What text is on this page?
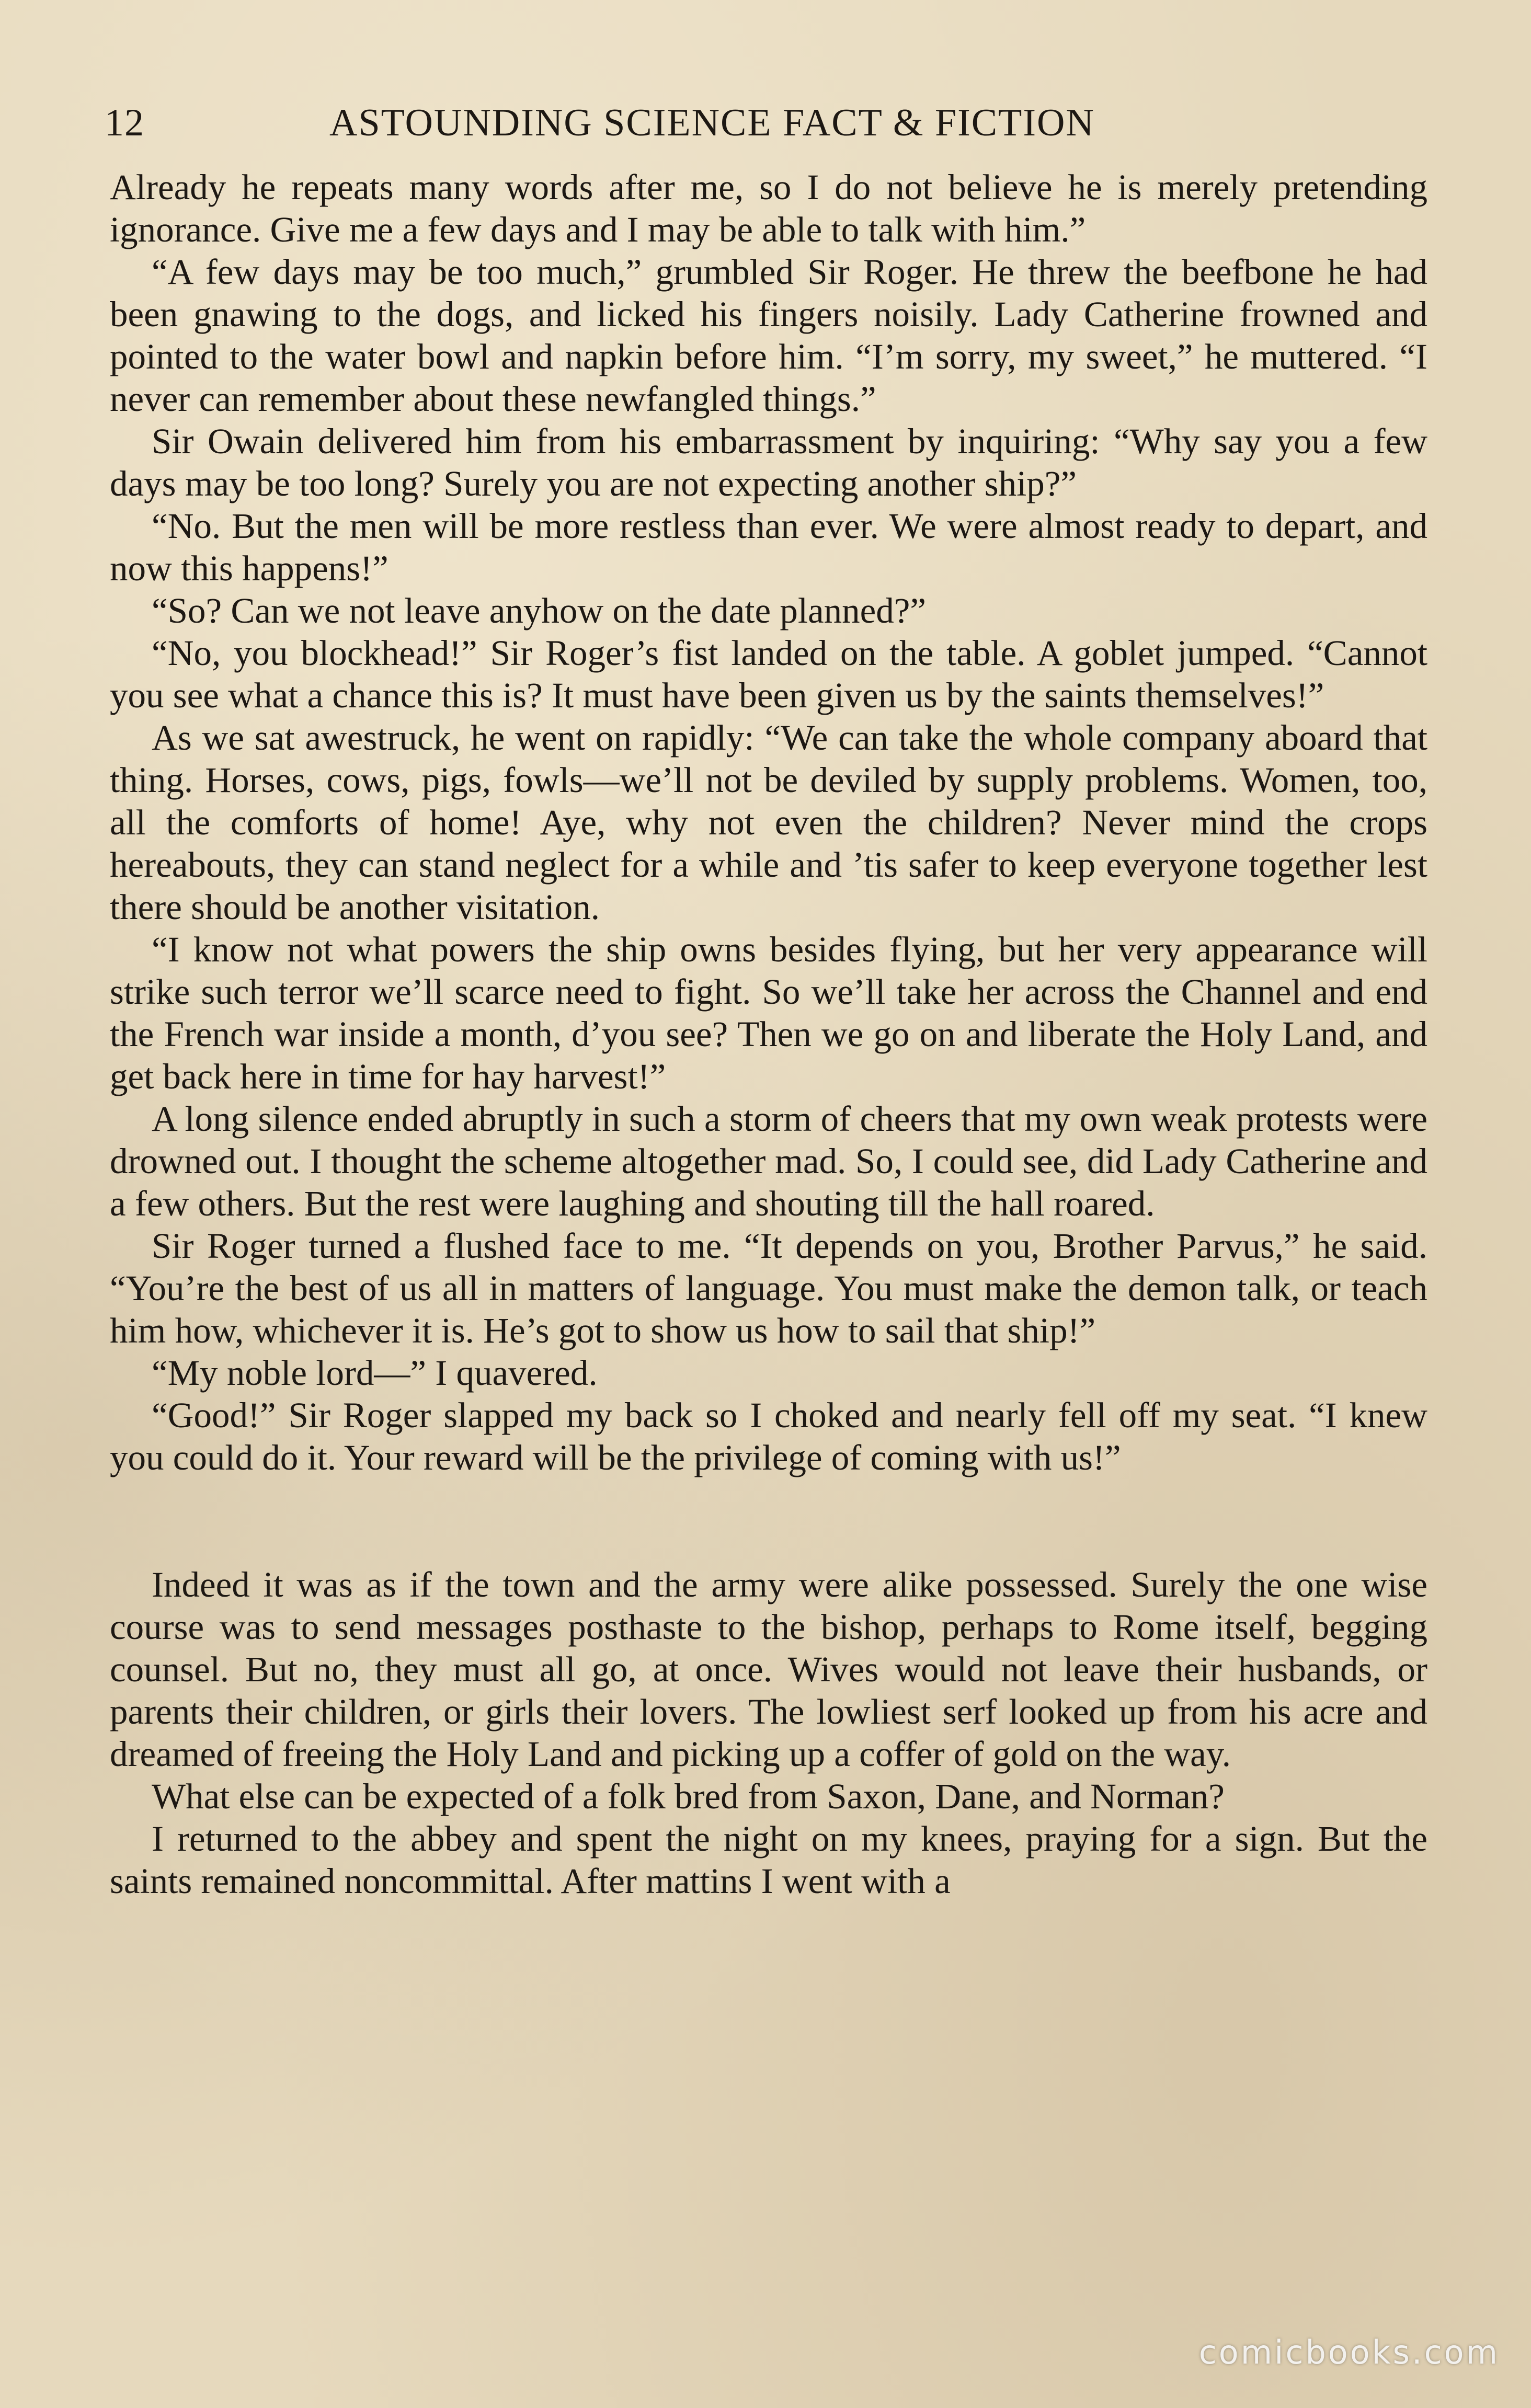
12	ASTOUNDING SCIENCE FACT & FICTION

Already he repeats many words after me, so I do not believe he is merely pretending ignorance. Give me a few days and I may be able to talk with him.”

“A few days may be too much,” grumbled Sir Roger. He threw the beefbone he had been gnawing to the dogs, and licked his fingers noisily. Lady Catherine frowned and pointed to the water bowl and napkin before him. “I’m sorry, my sweet,” he muttered. “I never can remember about these newfangled things.”

Sir Owain delivered him from his embarrassment by inquiring: “Why say you a few days may be too long? Surely you are not expecting another ship?”

“No. But the men will be more restless than ever. We were almost ready to depart, and now this happens!”

“So? Can we not leave anyhow on the date planned?”

“No, you blockhead!” Sir Roger’s fist landed on the table. A goblet jumped. “Cannot you see what a chance this is? It must have been given us by the saints themselves!”

As we sat awestruck, he went on rapidly: “We can take the whole company aboard that thing. Horses, cows, pigs, fowls—we’ll not be deviled by supply problems. Women, too, all the comforts of home! Aye, why not even the children? Never mind the crops hereabouts, they can stand neglect for a while and ’tis safer to keep everyone together lest there should be another visitation.

“I know not what powers the ship owns besides flying, but her very appearance will strike such terror we’ll scarce need to fight. So we’ll take her across the Channel and end the French war inside a month, d’you see? Then we go on and liberate the Holy Land, and get back here in time for hay harvest!”

A long silence ended abruptly in such a storm of cheers that my own weak protests were drowned out. I thought the scheme altogether mad. So, I could see, did Lady Catherine and a few others. But the rest were laughing and shouting till the hall roared.

Sir Roger turned a flushed face to me. “It depends on you, Brother Parvus,” he said. “You’re the best of us all in matters of language. You must make the demon talk, or teach him how, whichever it is. He’s got to show us how to sail that ship!”

“My noble lord—” I quavered.

“Good!” Sir Roger slapped my back so I choked and nearly fell off my seat. “I knew you could do it. Your reward will be the privilege of coming with us!”

Indeed it was as if the town and the army were alike possessed. Surely the one wise course was to send messages posthaste to the bishop, perhaps to Rome itself, begging counsel. But no, they must all go, at once. Wives would not leave their husbands, or parents their children, or girls their lovers. The lowliest serf looked up from his acre and dreamed of freeing the Holy Land and picking up a coffer of gold on the way.

What else can be expected of a folk bred from Saxon, Dane, and Norman?

I returned to the abbey and spent the night on my knees, praying for a sign. But the saints remained noncommittal. After mattins I went with a

comicbooks.com
